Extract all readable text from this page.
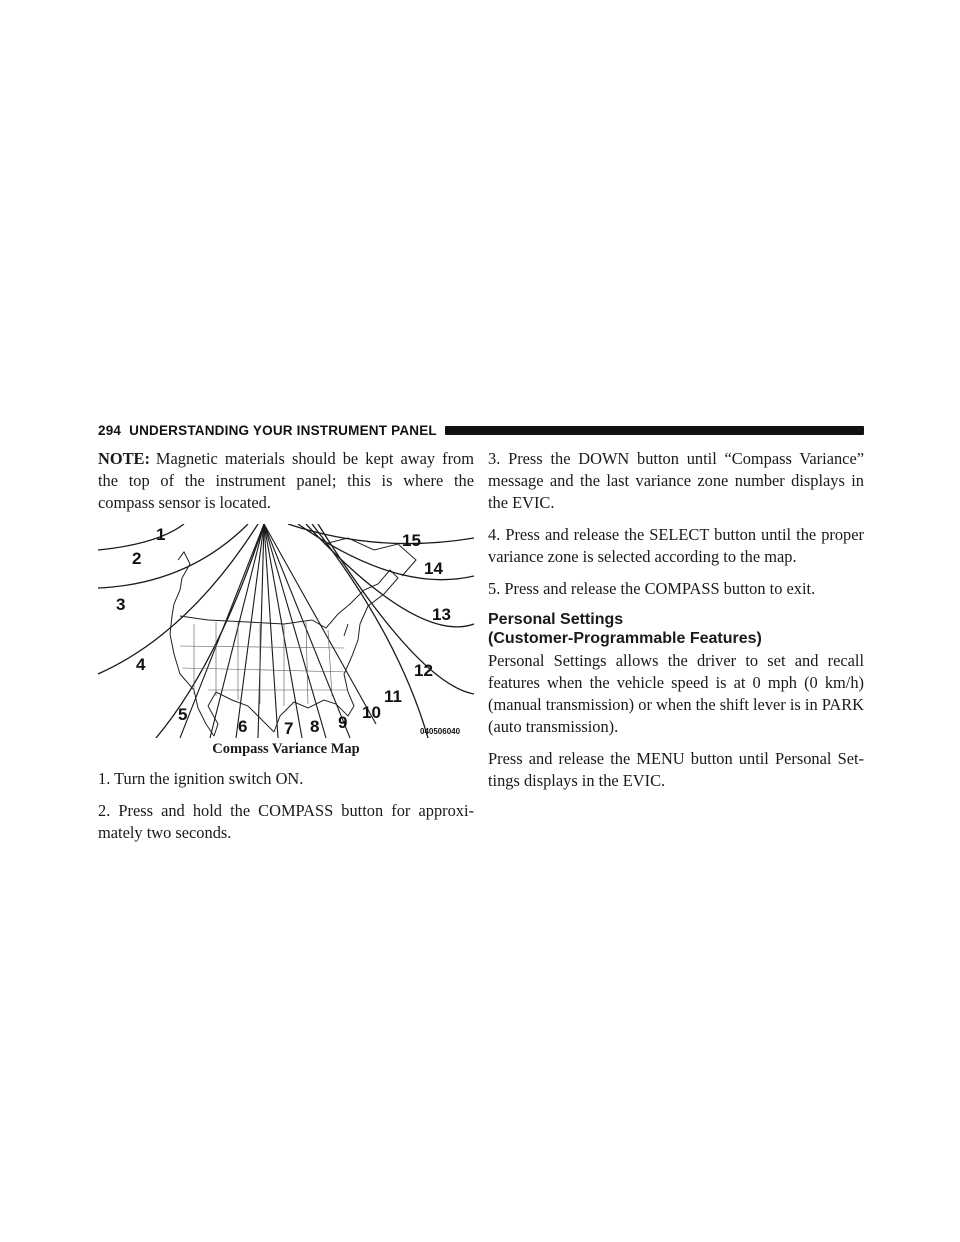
294 UNDERSTANDING YOUR INSTRUMENT PANEL

NOTE: Magnetic materials should be kept away from the top of the instrument panel; this is where the compass sensor is located.

1
2
3
4
5
6 7 8 9
10
11
12
13
14
15
040506040
Compass Variance Map

1. Turn the ignition switch ON.

2. Press and hold the COMPASS button for approxi- mately two seconds.

3. Press the DOWN button until “Compass Variance” message and the last variance zone number displays in the EVIC.

4. Press and release the SELECT button until the proper variance zone is selected according to the map.

5. Press and release the COMPASS button to exit.

Personal Settings
(Customer-Programmable Features)

Personal Settings allows the driver to set and recall features when the vehicle speed is at 0 mph (0 km/h) (manual transmission) or when the shift lever is in PARK (auto transmission).

Press and release the MENU button until Personal Set- tings displays in the EVIC.
